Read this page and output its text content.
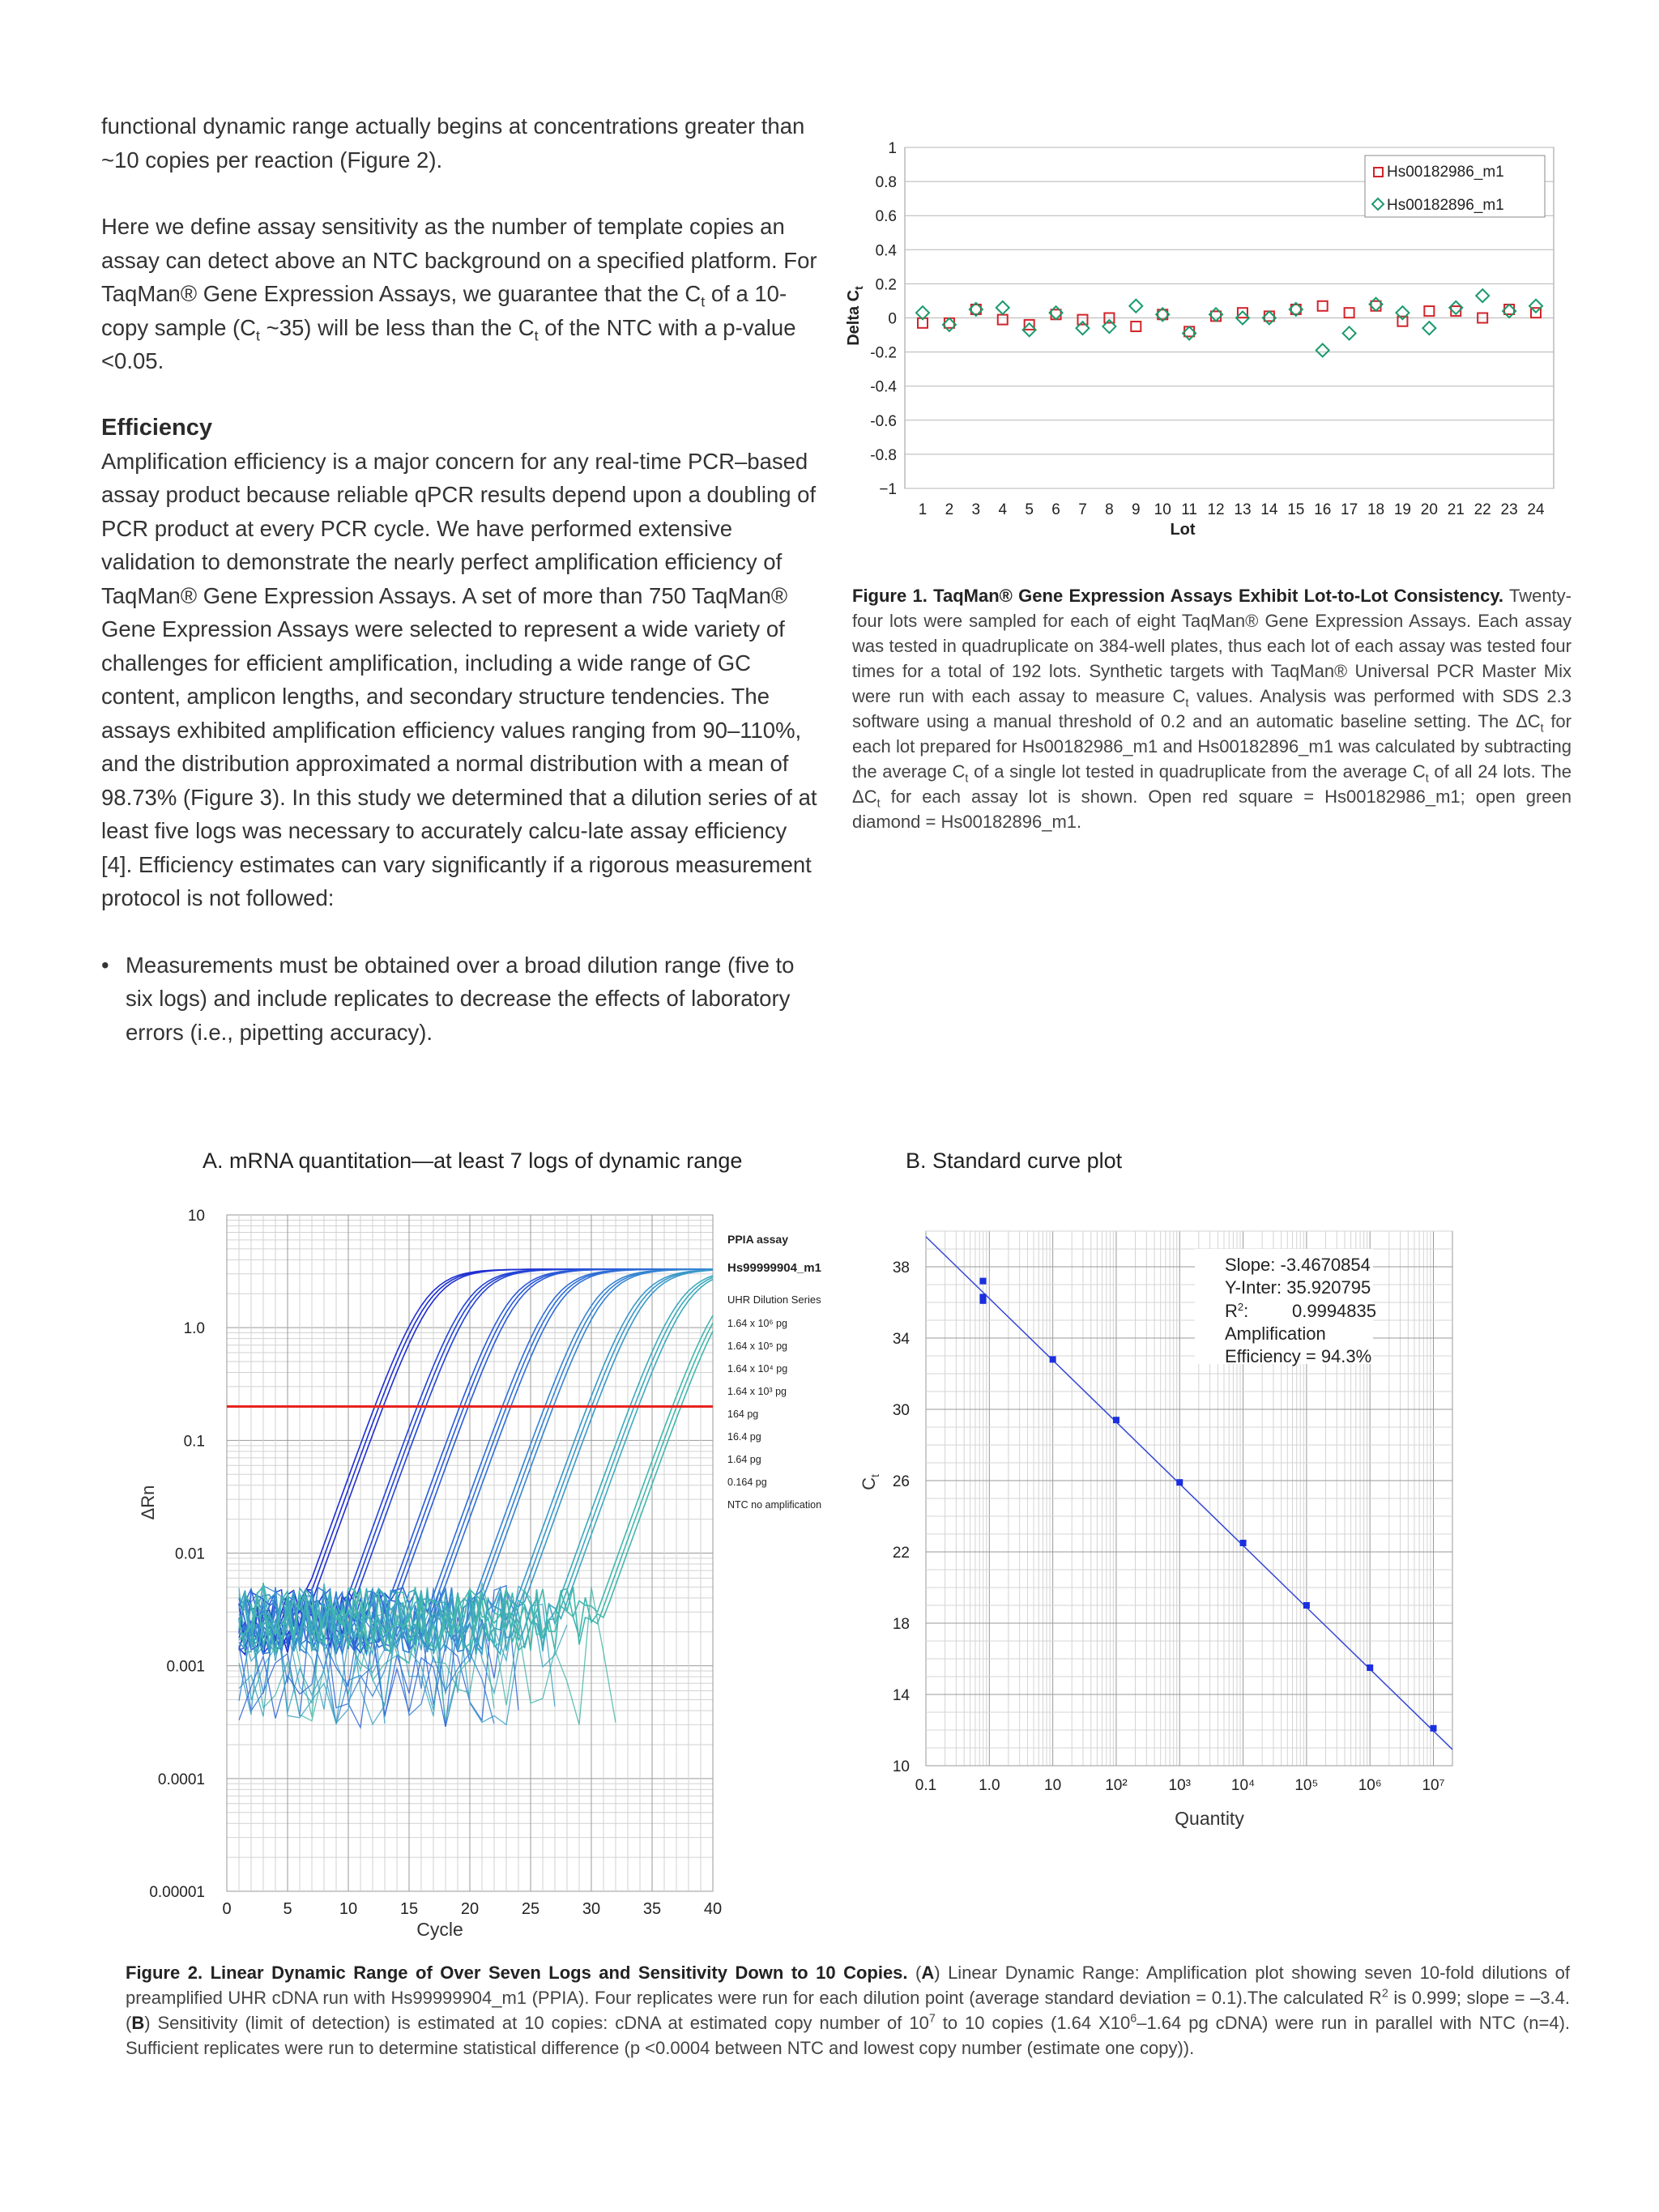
functional dynamic range actually begins at concentrations greater than ~10 copies per reaction (Figure 2).

Here we define assay sensitivity as the number of template copies an assay can detect above an NTC background on a specified platform. For TaqMan® Gene Expression Assays, we guarantee that the $C_t$ of a 10-copy sample ($C_t$ ~35) will be less than the $C_t$ of the NTC with a p-value <0.05.

Efficiency

Amplification efficiency is a major concern for any real-time PCR–based assay product because reliable qPCR results depend upon a doubling of PCR product at every PCR cycle. We have performed extensive validation to demonstrate the nearly perfect amplification efficiency of TaqMan® Gene Expression Assays. A set of more than 750 TaqMan® Gene Expression Assays were selected to represent a wide variety of challenges for efficient amplification, including a wide range of GC content, amplicon lengths, and secondary structure tendencies. The assays exhibited amplification efficiency values ranging from 90–110%, and the distribution approximated a normal distribution with a mean of 98.73% (Figure 3). In this study we determined that a dilution series of at least five logs was necessary to accurately calcu-late assay efficiency [4]. Efficiency estimates can vary significantly if a rigorous measurement protocol is not followed:

• Measurements must be obtained over a broad dilution range (five to six logs) and include replicates to decrease the effects of laboratory errors (i.e., pipetting accuracy).
1
0.8
0.6
0.4
0.2
0
-0.2
-0.4
-0.6
-0.8
−1
1 2 3 4 5 6 7 8 9 10 11 12 13 14 15 16 17 18 19 20 21 22 23 24
Lot
Delta $C_t$
Hs00182986_m1
Hs00182896_m1

Figure 1. TaqMan® Gene Expression Assays Exhibit Lot-to-Lot Consistency. Twenty-four lots were sampled for each of eight TaqMan® Gene Expression Assays. Each assay was tested in quadruplicate on 384-well plates, thus each lot of each assay was tested four times for a total of 192 lots. Synthetic targets with TaqMan® Universal PCR Master Mix were run with each assay to measure $C_t$ values. Analysis was performed with SDS 2.3 software using a manual threshold of 0.2 and an automatic baseline setting. The $\Delta C_t$ for each lot prepared for Hs00182986_m1 and Hs00182896_m1 was calculated by subtracting the average $C_t$ of a single lot tested in quadruplicate from the average $C_t$ of all 24 lots. The $\Delta C_t$ for each assay lot is shown. Open red square = Hs00182986_m1; open green diamond = Hs00182896_m1.

A. mRNA quantitation—at least 7 logs of dynamic range	B. Standard curve plot
10
1.0
0.1
0.01
0.001
0.0001
0.00001
0	5	10	15	20	25	30	35	40
Cycle
ΔRn
PPIA assay
Hs99999904_m1
UHR Dilution Series
1.64 x 10⁶ pg
1.64 x 10⁵ pg
1.64 x 10⁴ pg
1.64 x 10³ pg
164 pg
16.4 pg
1.64 pg
0.164 pg
NTC no amplification
10
14
18
22
26
30
34
38
0.1	1.0	10	10²	10³	10⁴	10⁵	10⁶	10⁷
Slope: -3.4670854
Y-Inter: 35.920795
$R^2$: 0.9994835
Amplification
Efficiency = 94.3%
Quantity
$C_t$

Figure 2. Linear Dynamic Range of Over Seven Logs and Sensitivity Down to 10 Copies. (A) Linear Dynamic Range: Amplification plot showing seven 10-fold dilutions of preamplified UHR cDNA run with Hs99999904_m1 (PPIA). Four replicates were run for each dilution point (average standard deviation = 0.1).The calculated $R^2$ is 0.999; slope = –3.4. (B) Sensitivity (limit of detection) is estimated at 10 copies: cDNA at estimated copy number of $10^7$ to 10 copies (1.64 $X10^6-1.64$ pg cDNA) were run in parallel with NTC (n=4). Sufficient replicates were run to determine statistical difference (p <0.0004 between NTC and lowest copy number (estimate one copy)).
